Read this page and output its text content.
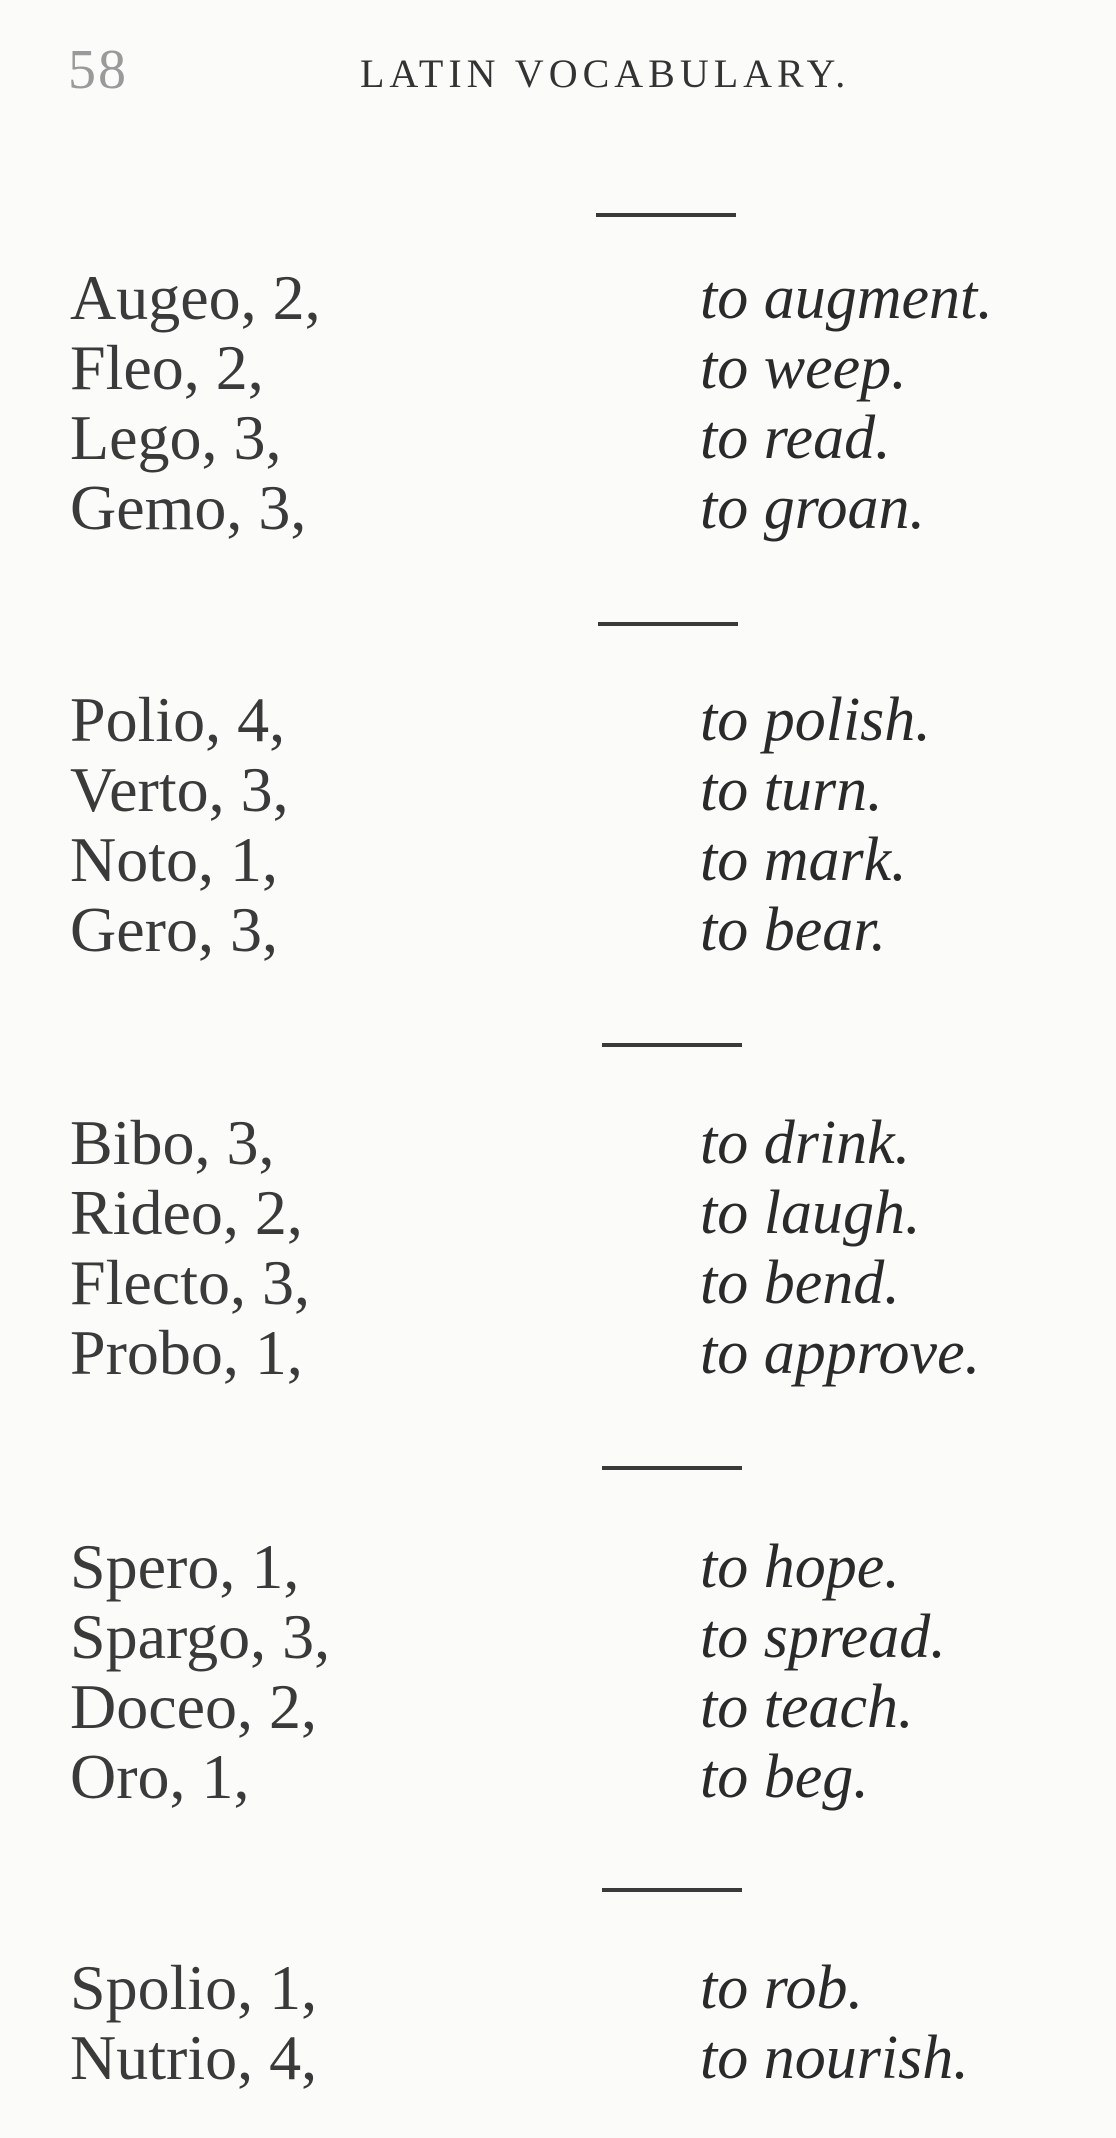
58	LATIN VOCABULARY.
Augeo, 2,	to augment.
Fleo, 2,	to weep.
Lego, 3,	to read.
Gemo, 3,	to groan.
Polio, 4,	to polish.
Verto, 3,	to turn.
Noto, 1,	to mark.
Gero, 3,	to bear.
Bibo, 3,	to drink.
Rideo, 2,	to laugh.
Flecto, 3,	to bend.
Probo, 1,	to approve.
Spero, 1,	to hope.
Spargo, 3,	to spread.
Doceo, 2,	to teach.
Oro, 1,	to beg.
Spolio, 1,	to rob.
Nutrio, 4,	to nourish.
